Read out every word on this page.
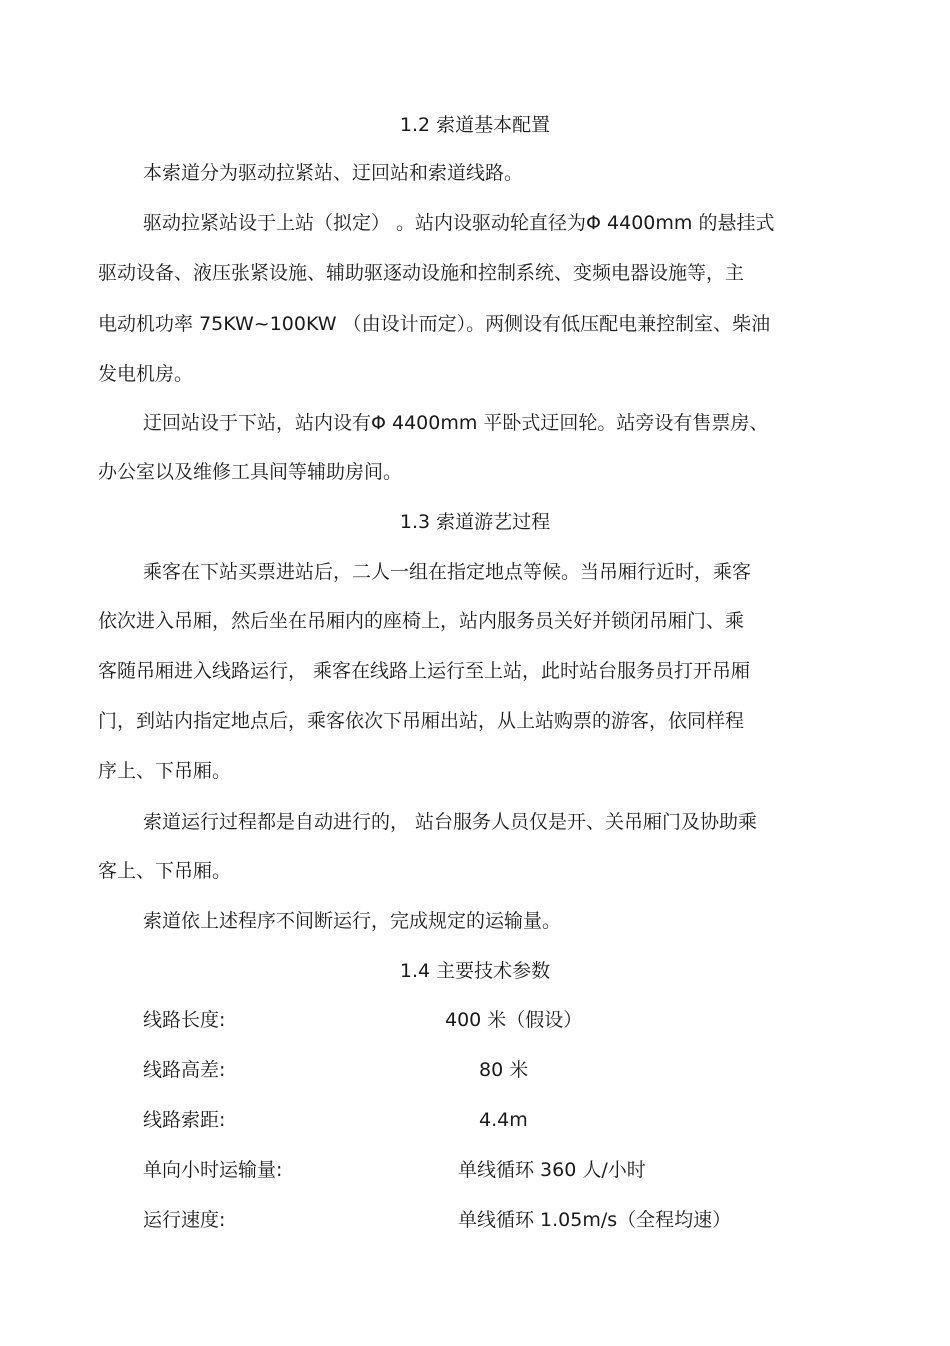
1.2 索道基本配置
本索道分为驱动拉紧站、迂回站和索道线路。
驱动拉紧站设于上站（拟定） 。站内设驱动轮直径为Φ 4400mm 的悬挂式
驱动设备、液压张紧设施、辅助驱逐动设施和控制系统、变频电器设施等，主
电动机功率 75KW~100KW （由设计而定）。两侧设有低压配电兼控制室、柴油
发电机房。
迂回站设于下站，站内设有Φ 4400mm 平卧式迂回轮。站旁设有售票房、
办公室以及维修工具间等辅助房间。
1.3 索道游艺过程
乘客在下站买票进站后，二人一组在指定地点等候。当吊厢行近时，乘客
依次进入吊厢，然后坐在吊厢内的座椅上，站内服务员关好并锁闭吊厢门、乘
客随吊厢进入线路运行， 乘客在线路上运行至上站，此时站台服务员打开吊厢
门，到站内指定地点后，乘客依次下吊厢出站，从上站购票的游客，依同样程
序上、下吊厢。
索道运行过程都是自动进行的， 站台服务人员仅是开、关吊厢门及协助乘
客上、下吊厢。
索道依上述程序不间断运行，完成规定的运输量。
1.4 主要技术参数
线路长度:	400 米（假设）
线路高差:	80 米
线路索距:	4.4m
单向小时运输量:	单线循环 360 人/小时
运行速度:	单线循环 1.05m/s（全程均速）
